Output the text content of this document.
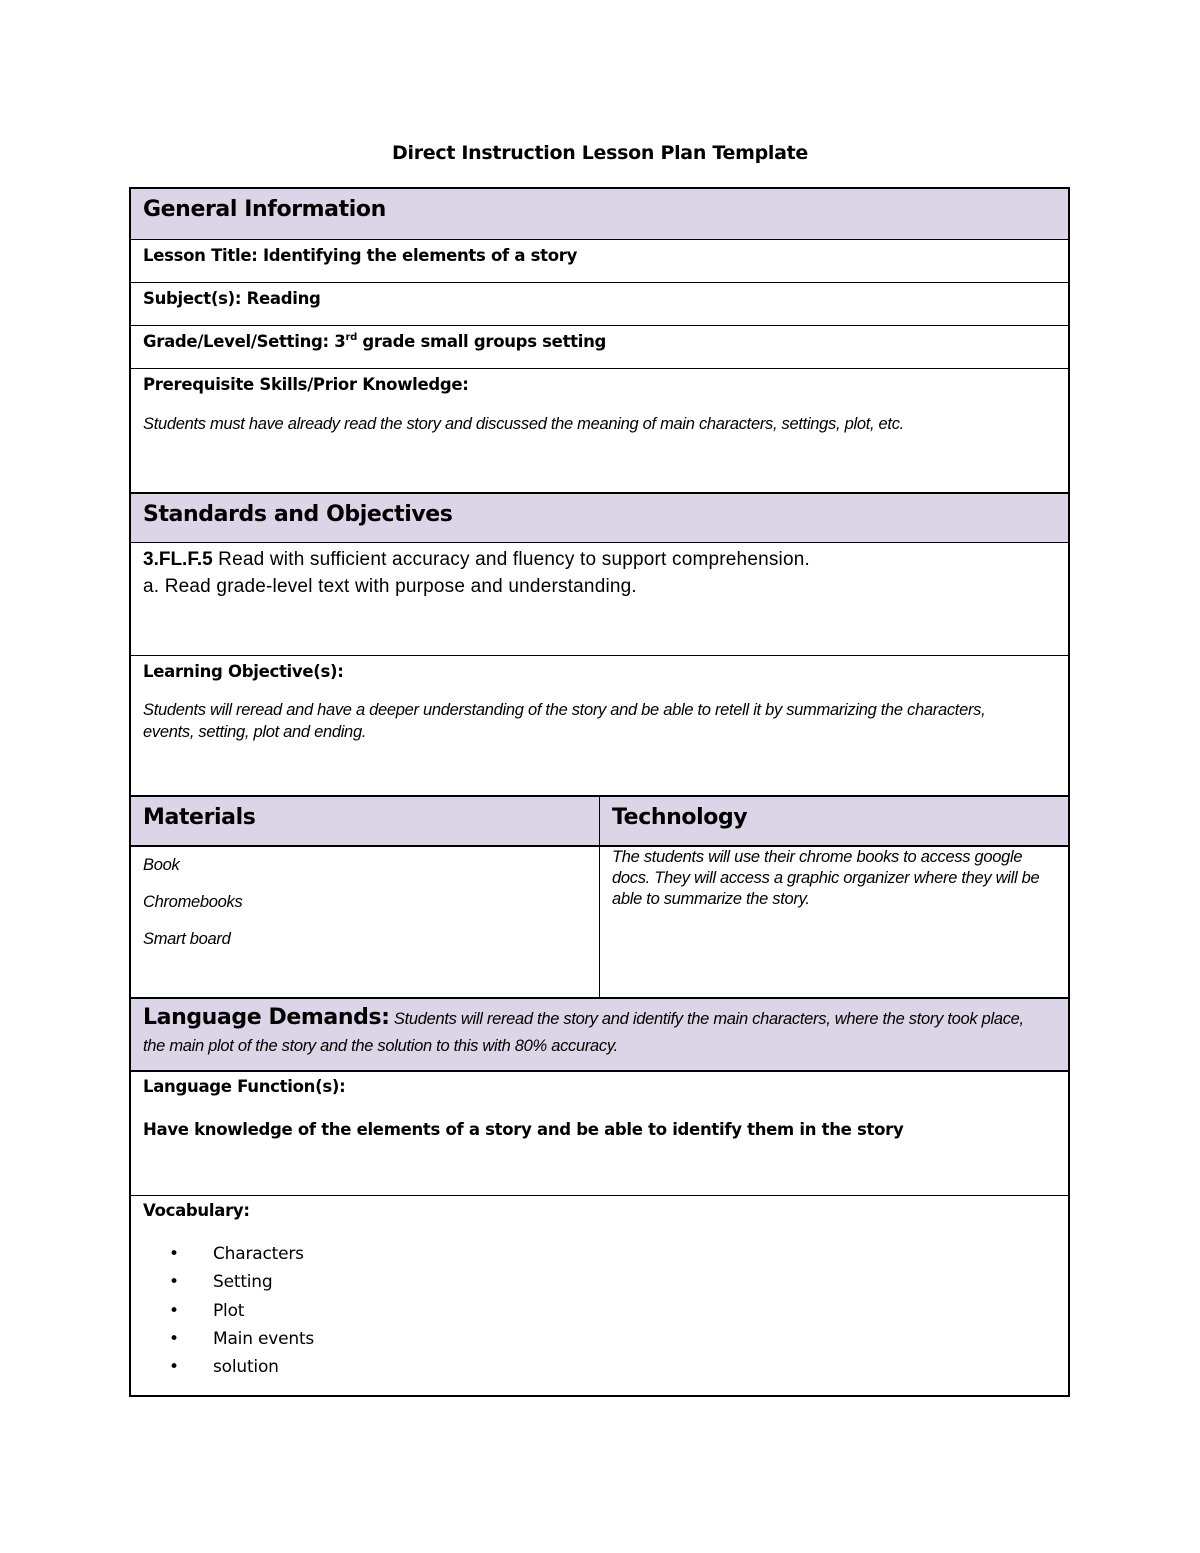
Direct Instruction Lesson Plan Template
General Information
Lesson Title: Identifying the elements of a story
Subject(s): Reading
Grade/Level/Setting: 3rd grade small groups setting
Prerequisite Skills/Prior Knowledge:
Students must have already read the story and discussed the meaning of main characters, settings, plot, etc.
Standards and Objectives
3.FL.F.5 Read with sufficient accuracy and fluency to support comprehension.
a. Read grade-level text with purpose and understanding.
Learning Objective(s):
Students will reread and have a deeper understanding of the story and be able to retell it by summarizing the characters, events, setting, plot and ending.
Materials	Technology
Book
Chromebooks
Smart board
The students will use their chrome books to access google docs. They will access a graphic organizer where they will be able to summarize the story.
Language Demands: Students will reread the story and identify the main characters, where the story took place, the main plot of the story and the solution to this with 80% accuracy.
Language Function(s):
Have knowledge of the elements of a story and be able to identify them in the story
Vocabulary:
• Characters
• Setting
• Plot
• Main events
• solution
